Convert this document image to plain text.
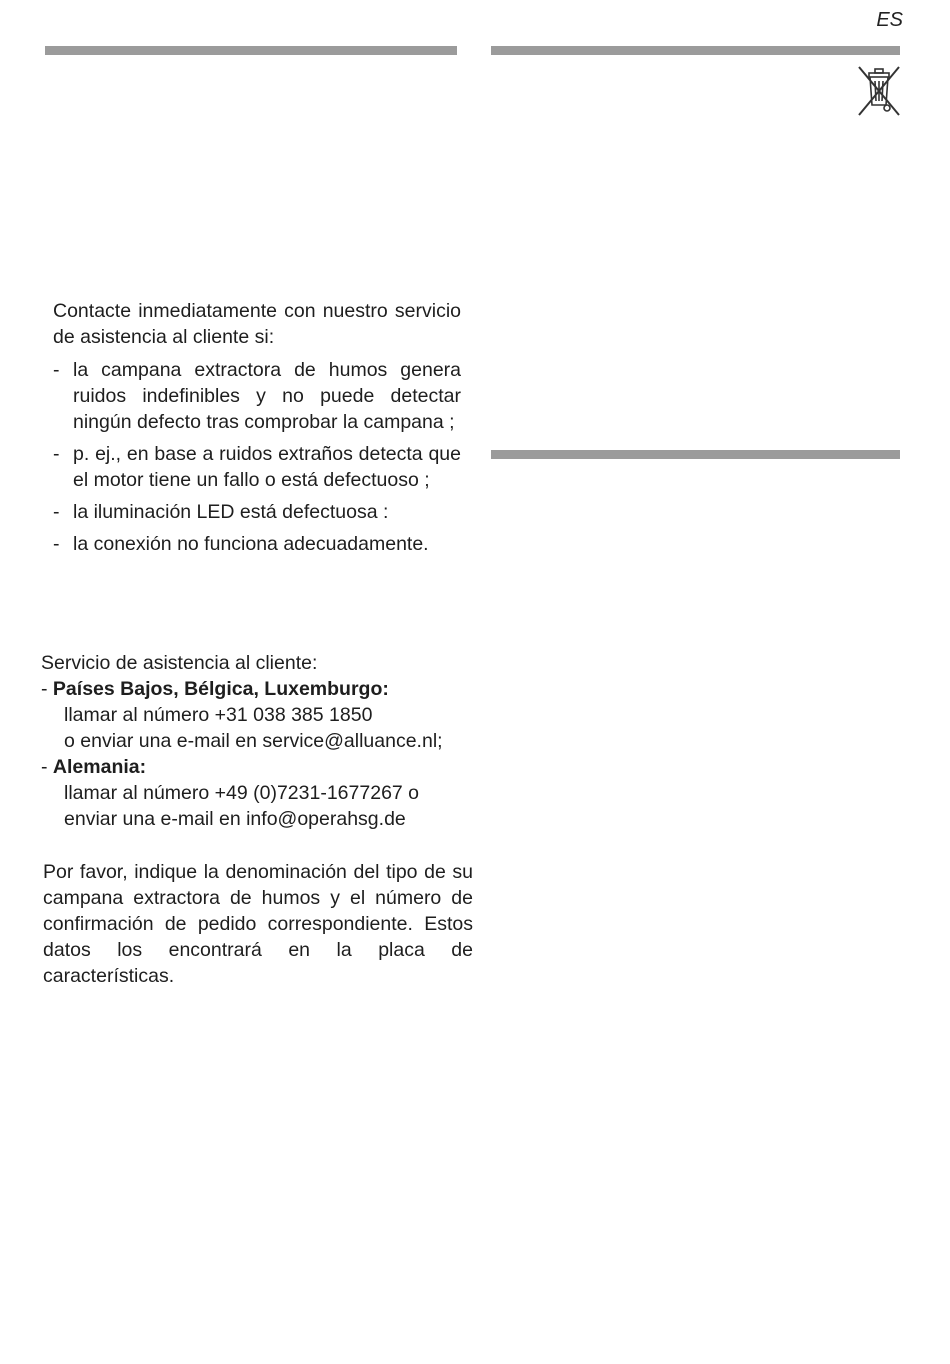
ES
Contacte inmediatamente con nuestro servicio de asistencia al cliente si:
- la campana extractora de humos genera ruidos indefinibles y no puede detectar ningún defecto tras comprobar la campana ;
- p. ej., en base a ruidos extraños detecta que el motor tiene un fallo o está defectuoso ;
- la iluminación LED está defectuosa :
- la conexión no funciona adecuadamente.
Servicio de asistencia al cliente:
- Países Bajos, Bélgica, Luxemburgo:
llamar al número +31 038 385 1850
o enviar una e-mail en service@alluance.nl;
- Alemania:
llamar al número +49 (0)7231-1677267 o
enviar una e-mail en info@operahsg.de
Por favor, indique la denominación del tipo de su campana extractora de humos y el número de confirmación de pedido correspondiente. Estos datos los encontrará en la placa de características.
